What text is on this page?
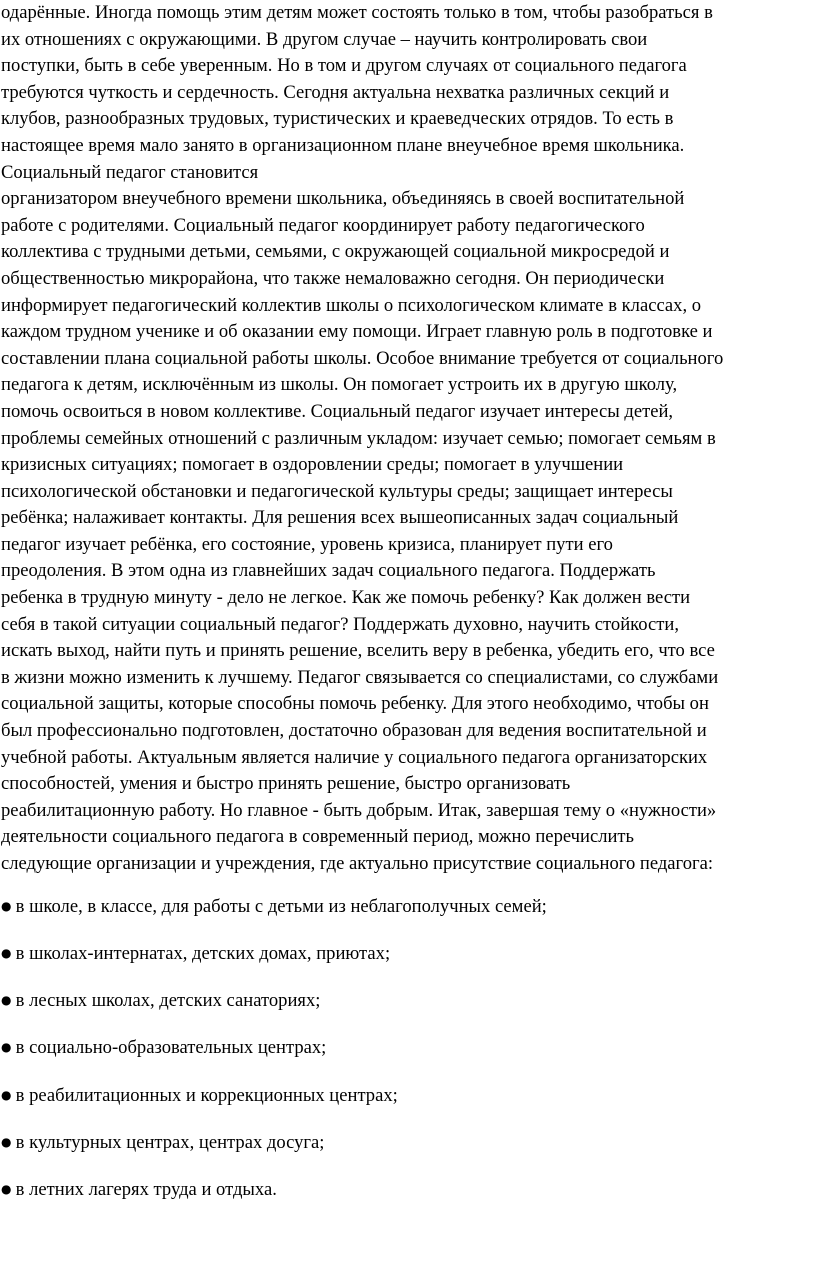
одарённые. Иногда помощь этим детям может состоять только в том, чтобы разобраться в
их отношениях с окружающими. В другом случае – научить контролировать свои
поступки, быть в себе уверенным. Но в том и другом случаях от социального педагога
требуются чуткость и сердечность. Сегодня актуальна нехватка различных секций и
клубов, разнообразных трудовых, туристических и краеведческих отрядов. То есть в
настоящее время мало занято в организационном плане внеучебное время школьника.
Социальный педагог становится
организатором внеучебного времени школьника, объединяясь в своей воспитательной
работе с родителями. Социальный педагог координирует работу педагогического
коллектива с трудными детьми, семьями, с окружающей социальной микросредой и
общественностью микрорайона, что также немаловажно сегодня. Он периодически
информирует педагогический коллектив школы о психологическом климате в классах, о
каждом трудном ученике и об оказании ему помощи. Играет главную роль в подготовке и
составлении плана социальной работы школы. Особое внимание требуется от социального
педагога к детям, исключённым из школы. Он помогает устроить их в другую школу,
помочь освоиться в новом коллективе. Социальный педагог изучает интересы детей,
проблемы семейных отношений с различным укладом: изучает семью; помогает семьям в
кризисных ситуациях; помогает в оздоровлении среды; помогает в улучшении
психологической обстановки и педагогической культуры среды; защищает интересы
ребёнка; налаживает контакты. Для решения всех вышеописанных задач социальный
педагог изучает ребёнка, его состояние, уровень кризиса, планирует пути его
преодоления. В этом одна из главнейших задач социального педагога. Поддержать
ребенка в трудную минуту - дело не легкое. Как же помочь ребенку? Как должен вести
себя в такой ситуации социальный педагог? Поддержать духовно, научить стойкости,
искать выход, найти путь и принять решение, вселить веру в ребенка, убедить его, что все
в жизни можно изменить к лучшему. Педагог связывается со специалистами, со службами
социальной защиты, которые способны помочь ребенку. Для этого необходимо, чтобы он
был профессионально подготовлен, достаточно образован для ведения воспитательной и
учебной работы. Актуальным является наличие у социального педагога организаторских
способностей, умения и быстро принять решение, быстро организовать
реабилитационную работу. Но главное - быть добрым. Итак, завершая тему о «нужности»
деятельности социального педагога в современный период, можно перечислить
следующие организации и учреждения, где актуально присутствие социального педагога:
● в школе, в классе, для работы с детьми из неблагополучных семей;
● в школах-интернатах, детских домах, приютах;
● в лесных школах, детских санаториях;
● в социально-образовательных центрах;
● в реабилитационных и коррекционных центрах;
● в культурных центрах, центрах досуга;
● в летних лагерях труда и отдыха.
